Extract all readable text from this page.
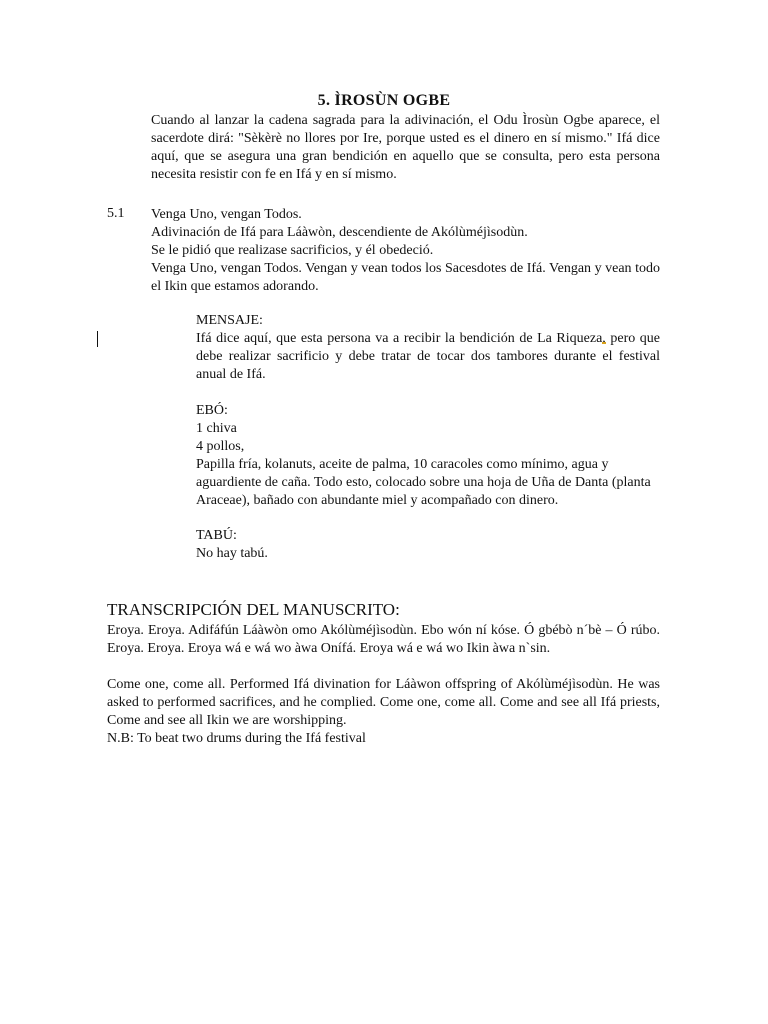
5. ÌROSÙN OGBE
Cuando al lanzar la cadena sagrada para la adivinación, el Odu Ìrosùn Ogbe aparece, el sacerdote dirá: "Sèkèrè no llores por Ire, porque usted es el dinero en sí mismo." Ifá dice aquí, que se asegura una gran bendición en aquello que se consulta, pero esta persona necesita resistir con fe en Ifá y en sí mismo.
5.1 Venga Uno, vengan Todos.

Adivinación de Ifá para Láàwòn, descendiente de Akólùméjìsodùn.

Se le pidió que realizase sacrificios, y él obedeció.

Venga Uno, vengan Todos. Vengan y vean todos los Sacesdotes de Ifá. Vengan y vean todo el Ikin que estamos adorando.

MENSAJE:

Ifá dice aquí, que esta persona va a recibir la bendición de La Riqueza, pero que debe realizar sacrificio y debe tratar de tocar dos tambores durante el festival anual de Ifá.

EBÓ:

1 chiva

4 pollos,

Papilla fría, kolanuts, aceite de palma, 10 caracoles como mínimo, agua y aguardiente de caña. Todo esto, colocado sobre una hoja de Uña de Danta (planta Araceae), bañado con abundante miel y acompañado con dinero.

TABÚ:

No hay tabú.

TRANSCRIPCIÓN DEL MANUSCRITO:

Eroya. Eroya. Adifáfún Láàwòn omo Akólùméjìsodùn. Ebo wón ní kóse. Ó gbébò n´bè – Ó rúbo. Eroya. Eroya. Eroya wá e wá wo àwa Onífá. Eroya wá e wá wo Ikin àwa n`sin.

Come one, come all. Performed Ifá divination for Láàwon offspring of Akólùméjìsodùn. He was asked to performed sacrifices, and he complied. Come one, come all. Come and see all Ifá priests, Come and see all Ikin we are worshipping.

N.B: To beat two drums during the Ifá festival
